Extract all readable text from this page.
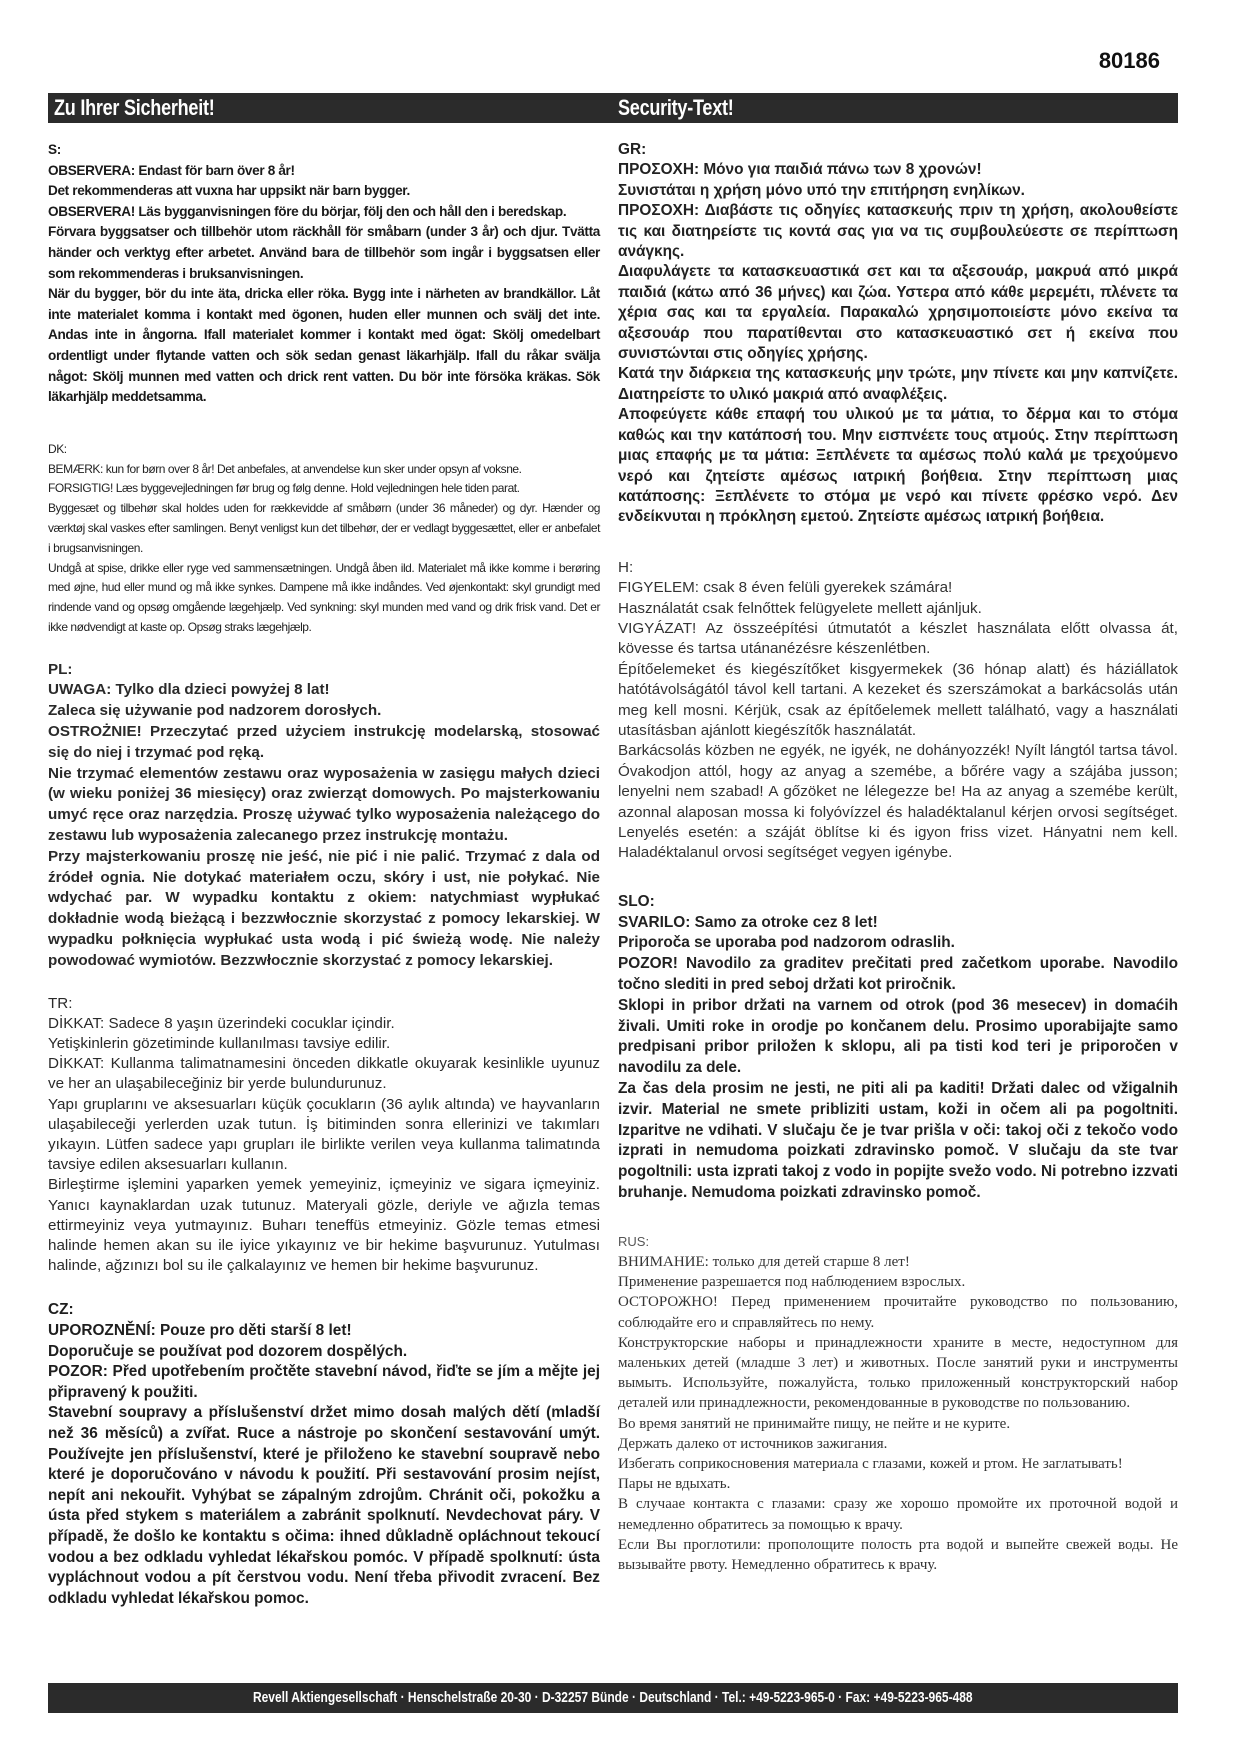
80186
Zu Ihrer Sicherheit!	Security-Text!

S:

OBSERVERA: Endast för barn över 8 år!

Det rekommenderas att vuxna har uppsikt när barn bygger.

OBSERVERA! Läs bygganvisningen före du börjar, följ den och håll den i beredskap.

Förvara byggsatser och tillbehör utom räckhåll för småbarn (under 3 år) och djur. Tvätta händer och verktyg efter arbetet. Använd bara de tillbehör som ingår i byggsatsen eller som rekommenderas i bruksanvisningen.

När du bygger, bör du inte äta, dricka eller röka. Bygg inte i närheten av brandkällor. Låt inte materialet komma i kontakt med ögonen, huden eller munnen och svälj det inte. Andas inte in ångorna. Ifall materialet kommer i kontakt med ögat: Skölj omedelbart ordentligt under flytande vatten och sök sedan genast läkarhjälp. Ifall du råkar svälja något: Skölj munnen med vatten och drick rent vatten. Du bör inte försöka kräkas. Sök läkarhjälp meddetsamma.

DK:

BEMÆRK: kun for børn over 8 år! Det anbefales, at anvendelse kun sker under opsyn af voksne.

FORSIGTIG! Læs byggevejledningen før brug og følg denne. Hold vejledningen hele tiden parat.

Byggesæt og tilbehør skal holdes uden for rækkevidde af småbørn (under 36 måneder) og dyr. Hænder og værktøj skal vaskes efter samlingen. Benyt venligst kun det tilbehør, der er vedlagt byggesættet, eller er anbefalet i brugsanvisningen.

Undgå at spise, drikke eller ryge ved sammensætningen. Undgå åben ild. Materialet må ikke komme i berøring med øjne, hud eller mund og må ikke synkes. Dampene må ikke indåndes. Ved øjenkontakt: skyl grundigt med rindende vand og opsøg omgående lægehjælp. Ved synkning: skyl munden med vand og drik frisk vand. Det er ikke nødvendigt at kaste op. Opsøg straks lægehjælp.

PL:

UWAGA: Tylko dla dzieci powyżej 8 lat!

Zaleca się używanie pod nadzorem dorosłych.

OSTROŻNIE! Przeczytać przed użyciem instrukcję modelarską, stosować się do niej i trzymać pod ręką.

Nie trzymać elementów zestawu oraz wyposażenia w zasięgu małych dzieci (w wieku poniżej 36 miesięcy) oraz zwierząt domowych. Po majsterkowaniu umyć ręce oraz narzędzia. Proszę używać tylko wyposażenia należącego do zestawu lub wyposażenia zalecanego przez instrukcję montażu.

Przy majsterkowaniu proszę nie jeść, nie pić i nie palić. Trzymać z dala od źródeł ognia. Nie dotykać materiałem oczu, skóry i ust, nie połykać. Nie wdychać par. W wypadku kontaktu z okiem: natychmiast wypłukać dokładnie wodą bieżącą i bezzwłocznie skorzystać z pomocy lekarskiej. W wypadku połknięcia wypłukać usta wodą i pić świeżą wodę. Nie należy powodować wymiotów. Bezzwłocznie skorzystać z pomocy lekarskiej.

TR:

DİKKAT: Sadece 8 yaşın üzerindeki cocuklar içindir.

Yetişkinlerin gözetiminde kullanılması tavsiye edilir.

DİKKAT: Kullanma talimatnamesini önceden dikkatle okuyarak kesinlikle uyunuz ve her an ulaşabileceğiniz bir yerde bulundurunuz.

Yapı gruplarını ve aksesuarları küçük çocukların (36 aylık altında) ve hayvanların ulaşabileceği yerlerden uzak tutun. İş bitiminden sonra ellerinizi ve takımları yıkayın. Lütfen sadece yapı grupları ile birlikte verilen veya kullanma talimatında tavsiye edilen aksesuarları kullanın.

Birleştirme işlemini yaparken yemek yemeyiniz, içmeyiniz ve sigara içmeyiniz. Yanıcı kaynaklardan uzak tutunuz. Materyali gözle, deriyle ve ağızla temas ettirmeyiniz veya yutmayınız. Buharı teneffüs etmeyiniz. Gözle temas etmesi halinde hemen akan su ile iyice yıkayınız ve bir hekime başvurunuz. Yutulması halinde, ağzınızı bol su ile çalkalayınız ve hemen bir hekime başvurunuz.

CZ:

UPOROZNĚNÍ: Pouze pro děti starší 8 let!

Doporučuje se používat pod dozorem dospělých.

POZOR: Před upotřebením pročtěte stavební návod, řiďte se jím a mějte jej připravený k použiti.

Stavební soupravy a příslušenství držet mimo dosah malých dětí (mladší než 36 měsíců) a zvířat. Ruce a nástroje po skončení sestavování umýt. Používejte jen příslušenství, které je přiloženo ke stavební soupravě nebo které je doporučováno v návodu k použití. Při sestavování prosim nejíst, nepít ani nekouřit. Vyhýbat se zápalným zdrojům. Chránit oči, pokožku a ústa před stykem s materiálem a zabránit spolknutí. Nevdechovat páry. V případě, že došlo ke kontaktu s očima: ihned důkladně opláchnout tekoucí vodou a bez odkladu vyhledat lékařskou pomóc. V případě spolknutí: ústa vypláchnout vodou a pít čerstvou vodu. Není třeba přivodit zvracení. Bez odkladu vyhledat lékařskou pomoc.

GR:

ΠΡΟΣΟΧΗ: Μόνο για παιδιά πάνω των 8 χρονών!

Συνιστάται η χρήση μόνο υπό την επιτήρηση ενηλίκων.

ΠΡΟΣΟΧΗ: Διαβάστε τις οδηγίες κατασκευής πριν τη χρήση, ακολουθείστε τις και διατηρείστε τις κοντά σας για να τις συμβουλεύεστε σε περίπτωση ανάγκης.

Διαφυλάγετε τα κατασκευαστικά σετ και τα αξεσουάρ, μακρυά από μικρά παιδιά (κάτω από 36 μήνες) και ζώα. Υστερα από κάθε μερεμέτι, πλένετε τα χέρια σας και τα εργαλεία. Παρακαλώ χρησιμοποιείστε μόνο εκείνα τα αξεσουάρ που παρατίθενται στο κατασκευαστικό σετ ή εκείνα που συνιστώνται στις οδηγίες χρήσης.

Κατά την διάρκεια της κατασκευής μην τρώτε, μην πίνετε και μην καπνίζετε. Διατηρείστε το υλικό μακριά από αναφλέξεις.

Αποφεύγετε κάθε επαφή του υλικού με τα μάτια, το δέρμα και το στόμα καθώς και την κατάποσή του. Μην εισπνέετε τους ατμούς. Στην περίπτωση μιας επαφής με τα μάτια: Ξεπλένετε τα αμέσως πολύ καλά με τρεχούμενο νερό και ζητείστε αμέσως ιατρική βοήθεια. Στην περίπτωση μιας κατάποσης: Ξεπλένετε το στόμα με νερό και πίνετε φρέσκο νερό. Δεν ενδείκνυται η πρόκληση εμετού. Ζητείστε αμέσως ιατρική βοήθεια.

H:

FIGYELEM: csak 8 éven felüli gyerekek számára!

Használatát csak felnőttek felügyelete mellett ajánljuk.

VIGYÁZAT! Az összeépítési útmutatót a készlet használata előtt olvassa át, kövesse és tartsa utánanézésre készenlétben.

Építőelemeket és kiegészítőket kisgyermekek (36 hónap alatt) és háziállatok hatótávolságától távol kell tartani. A kezeket és szerszámokat a barkácsolás után meg kell mosni. Kérjük, csak az építőelemek mellett található, vagy a használati utasításban ajánlott kiegészítők használatát.

Barkácsolás közben ne egyék, ne igyék, ne dohányozzék! Nyílt lángtól tartsa távol. Óvakodjon attól, hogy az anyag a szemébe, a bőrére vagy a szájába jusson; lenyelni nem szabad! A gőzöket ne lélegezze be! Ha az anyag a szemébe került, azonnal alaposan mossa ki folyóvízzel és haladéktalanul kérjen orvosi segítséget. Lenyelés esetén: a száját öblítse ki és igyon friss vizet. Hányatni nem kell. Haladéktalanul orvosi segítséget vegyen igénybe.

SLO:

SVARILO: Samo za otroke cez 8 let!

Priporoča se uporaba pod nadzorom odraslih.

POZOR! Navodilo za graditev prečitati pred začetkom uporabe. Navodilo točno slediti in pred seboj držati kot priročnik.

Sklopi in pribor držati na varnem od otrok (pod 36 mesecev) in domaćih živali. Umiti roke in orodje po končanem delu. Prosimo uporabijajte samo predpisani pribor priložen k sklopu, ali pa tisti kod teri je priporočen v navodilu za dele.

Za čas dela prosim ne jesti, ne piti ali pa kaditi! Držati dalec od vžigalnih izvir. Material ne smete pribliziti ustam, koži in očem ali pa pogoltniti. Izparitve ne vdihati. V slučaju če je tvar prišla v oči: takoj oči z tekočo vodo izprati in nemudoma poizkati zdravinsko pomoč. V slučaju da ste tvar pogoltnili: usta izprati takoj z vodo in popijte svežo vodo. Ni potrebno izzvati bruhanje. Nemudoma poizkati zdravinsko pomoč.

RUS:

ВНИМАНИЕ: только для детей старше 8 лет!

Применение разрешается под наблюдением взрослых.

ОСТОРОЖНО! Перед применением прочитайте руководство по пользованию, соблюдайте его и справляйтесь по нему.

Конструкторские наборы и принадлежности храните в месте, недоступном для маленьких детей (младше 3 лет) и животных. После занятий руки и инструменты вымыть. Используйте, пожалуйста, только приложенный конструкторский набор деталей или принадлежности, рекомендованные в руководстве по пользованию.

Во время занятий не принимайте пищу, не пейте и не курите.

Держать далеко от источников зажигания.

Избегать соприкосновения материала с глазами, кожей и ртом. Не заглатывать!

Пары не вдыхать.

В случаае контакта с глазами: сразу же хорошо промойте их проточной водой и немедленно обратитесь за помощью к врачу.

Если Вы проглотили: прополощите полость рта водой и выпейте свежей воды. Не вызывайте рвоту. Немедленно обратитесь к врачу.

Revell Aktiengesellschaft · Henschelstraße 20-30 · D-32257 Bünde · Deutschland · Tel.: +49-5223-965-0 · Fax: +49-5223-965-488
